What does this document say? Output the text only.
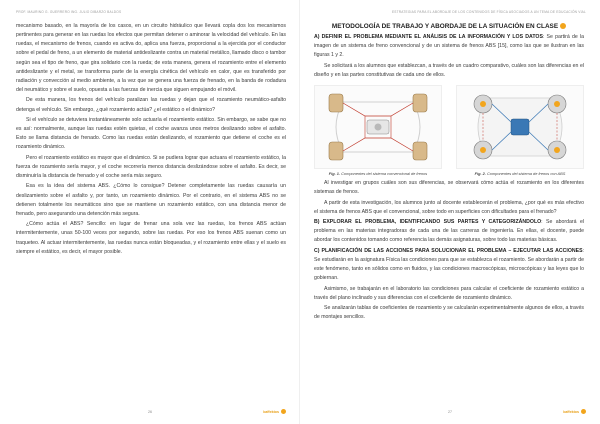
PROF. MAURINO G. GUERRERO ING. JULIO DIBARZO BALDOS

mecanismo basado, en la mayoría de los casos, en un circuito hidráulico que llevará copla dos los mecanismos pertinentes para generar en las ruedas los efectos que permitan detener o aminorar la velocidad del vehículo. En las ruedas, el mecanismo de frenos, cuando es activa do, aplica una fuerza, proporcional a la ejercida por el conductor sobre el pedal de freno, a un elemento de material antideslizante contra un material metálico, llamado disco o tambor según sea el tipo de freno, que gira solidario con la rueda; de esta manera, genera el rozamiento entre el elemento antideslizante y el metal, se transforma parte de la energía cinética del vehículo en calor, que es transferido por radiación y convección al medio ambiente, a la vez que se genera una fuerza de frenado, en la banda de rodadura del neumático y sobre el suelo, opuesta a las fuerzas de inercia que siguen empujando el móvil.

De esta manera, los frenos del vehículo paralizan las ruedas y dejan que el rozamiento neumático-asfalto detenga el vehículo. Sin embargo, ¿qué rozamiento actúa? ¿el estático o el dinámico?

Si el vehículo se detuviera instantáneamente solo actuaría el rozamiento estático. Sin embargo, se sabe que no es así: normalmente, aunque las ruedas estén quietas, el coche avanza unos metros deslizando sobre el asfalto. Esto se llama distancia de frenado. Como las ruedas están deslizando, el rozamiento que detiene el coche es el rozamiento dinámico.

Pero el rozamiento estático es mayor que el dinámico. Si se pudiera lograr que actuara el rozamiento estático, la fuerza de rozamiento sería mayor, y el coche recorrería menos distancia deslizándose sobre el asfalto. Es decir, se disminuiría la distancia de frenado y el coche sería más seguro.

Esa es la idea del sistema ABS. ¿Cómo lo consigue? Detener completamente las ruedas causaría un deslizamiento sobre el asfalto y, por tanto, un rozamiento dinámico. Por el contrario, en el sistema ABS no se detienen totalmente los neumáticos sino que se mantiene un rozamiento estático, con una distancia menor de frenado, pero asegurando una detención más segura.

¿Cómo actúa el ABS? Sencillo: en lugar de frenar una sola vez las ruedas, los frenos ABS actúan intermitentemente, unas 50-100 veces por segundo, sobre las ruedas. Por eso los frenos ABS suenan como un traqueteo. Al actuar intermitentemente, las ruedas nunca están bloqueadas, y el rozamiento entre ellas y el suelo es siempre el estático, es decir, el mayor posible.

26	kaffektos
ESTRATEGIAS PARA EL ABORDAJE DE LOS CONTENIDOS DE FÍSICA ASOCIADOS A UN TEMA DE EDUCACIÓN VIAL
METODOLOGÍA DE TRABAJO Y ABORDAJE DE LA SITUACIÓN EN CLASE

A) DEFINIR EL PROBLEMA MEDIANTE EL ANÁLISIS DE LA INFORMACIÓN Y LOS DATOS: Se partirá de la imagen de un sistema de freno convencional y de un sistema de frenos ABS [15], como las que se ilustran en las figuras 1 y 2.

Se solicitará a los alumnos que establezcan, a través de un cuadro comparativo, cuáles son las diferencias en el diseño y en las partes constitutivas de cada uno de ellos.

Fig. 1. Componentes del sistema convencional de frenos	Fig. 2. Componentes del sistema de frenos con ABS

Al investigar en grupos cuáles son sus diferencias, se observará cómo actúa el rozamiento en los diferentes sistemas de frenos.

A partir de esta investigación, los alumnos junto al docente establecerán el problema, ¿por qué es más efectivo el sistema de frenos ABS que el convencional, sobre todo en superficies con dificultades para el frenado?

B) EXPLORAR EL PROBLEMA, IDENTIFICANDO SUS PARTES Y CATEGORIZÁNDOLO: Se abordará el problema en las materias integradoras de cada una de las carreras de ingeniería. En ellas, el docente, puede abordar los contenidos tomando como referencia las demás asignaturas, sobre todo las materias básicas.

C) PLANIFICACIÓN DE LAS ACCIONES PARA SOLUCIONAR EL PROBLEMA – EJECUTAR LAS ACCIONES: Se estudiarán en la asignatura Física las condiciones para que se establezca el rozamiento. Se abordarán a partir de este fenómeno, tanto en sólidos como en fluidos, y las condiciones macroscópicas, microscópicas y las leyes que lo gobiernan.

Asimismo, se trabajarán en el laboratorio las condiciones para calcular el coeficiente de rozamiento estático a través del plano inclinado y sus diferencias con el coeficiente de rozamiento dinámico.

Se analizarán tablas de coeficientes de rozamiento y se calcularán experimentalmente algunos de ellos, a través de montajes sencillos.

27	kaffektos
